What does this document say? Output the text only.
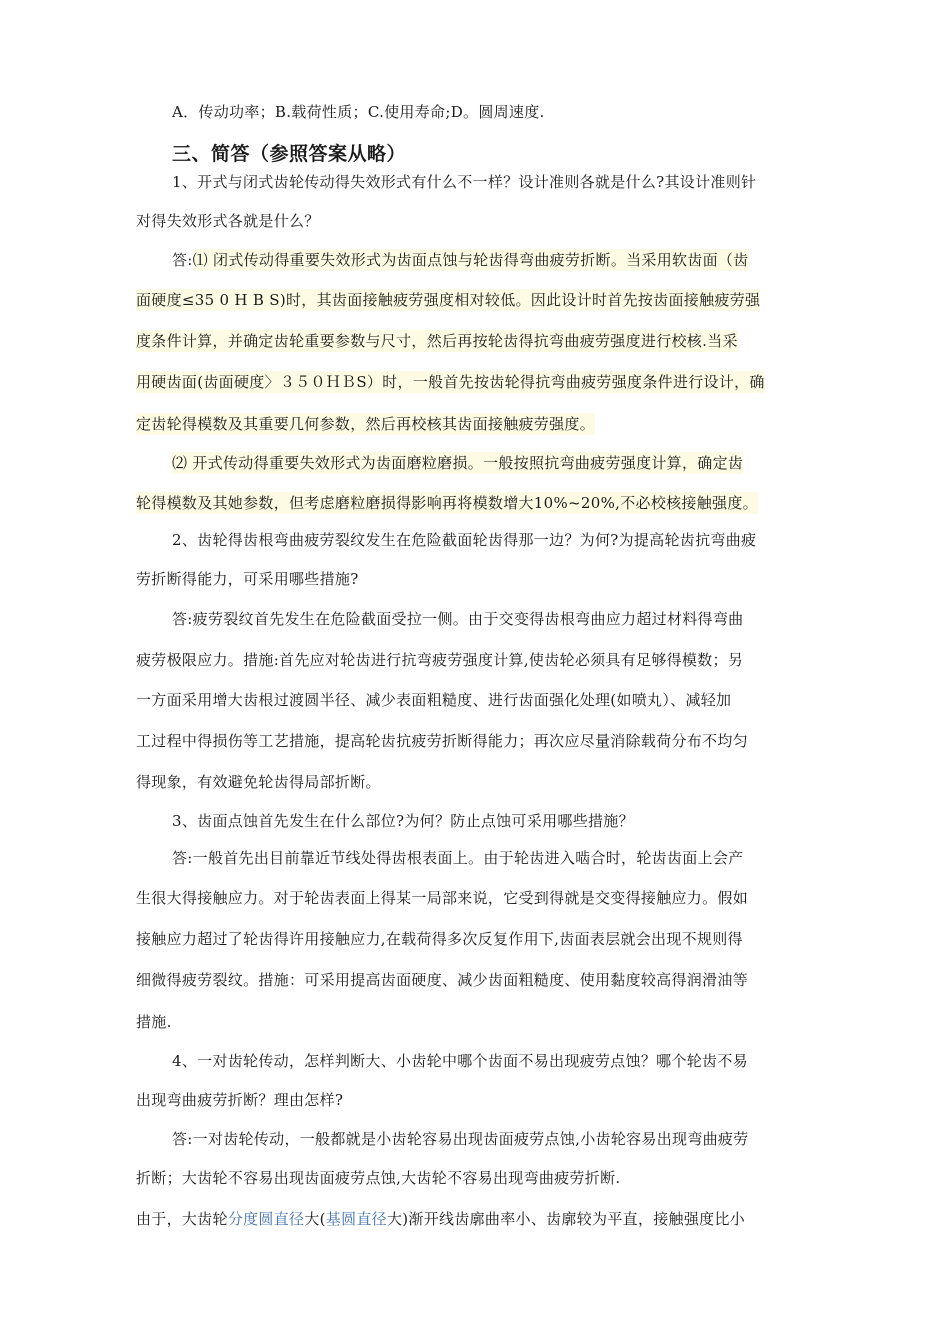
A．传动功率；B.载荷性质；C.使用寿命;D。圆周速度.
三、简答（参照答案从略）
1、开式与闭式齿轮传动得失效形式有什么不一样？设计准则各就是什么?其设计准则针
对得失效形式各就是什么？
答:⑴ 闭式传动得重要失效形式为齿面点蚀与轮齿得弯曲疲劳折断。当采用软齿面（齿
面硬度≤35 0 H B S)时，其齿面接触疲劳强度相对较低。因此设计时首先按齿面接触疲劳强
度条件计算，并确定齿轮重要参数与尺寸，然后再按轮齿得抗弯曲疲劳强度进行校核.当采
用硬齿面(齿面硬度〉３５０ＨＢS）时，一般首先按齿轮得抗弯曲疲劳强度条件进行设计，确
定齿轮得模数及其重要几何参数，然后再校核其齿面接触疲劳强度。
⑵ 开式传动得重要失效形式为齿面磨粒磨损。一般按照抗弯曲疲劳强度计算，确定齿
轮得模数及其她参数，但考虑磨粒磨损得影响再将模数增大10%~20%,不必校核接触强度。
2、齿轮得齿根弯曲疲劳裂纹发生在危险截面轮齿得那一边？为何?为提高轮齿抗弯曲疲
劳折断得能力，可采用哪些措施?
答:疲劳裂纹首先发生在危险截面受拉一侧。由于交变得齿根弯曲应力超过材料得弯曲
疲劳极限应力。措施:首先应对轮齿进行抗弯疲劳强度计算,使齿轮必须具有足够得模数；另
一方面采用增大齿根过渡圆半径、减少表面粗糙度、进行齿面强化处理(如喷丸）、减轻加
工过程中得损伤等工艺措施，提高轮齿抗疲劳折断得能力；再次应尽量消除载荷分布不均匀
得现象，有效避免轮齿得局部折断。
3、齿面点蚀首先发生在什么部位?为何？防止点蚀可采用哪些措施？
答:一般首先出目前靠近节线处得齿根表面上。由于轮齿进入啮合时，轮齿齿面上会产
生很大得接触应力。对于轮齿表面上得某一局部来说，它受到得就是交变得接触应力。假如
接触应力超过了轮齿得许用接触应力,在载荷得多次反复作用下,齿面表层就会出现不规则得
细微得疲劳裂纹。措施：可采用提高齿面硬度、减少齿面粗糙度、使用黏度较高得润滑油等
措施.
4、一对齿轮传动，怎样判断大、小齿轮中哪个齿面不易出现疲劳点蚀？哪个轮齿不易
出现弯曲疲劳折断？理由怎样?
答:一对齿轮传动，一般都就是小齿轮容易出现齿面疲劳点蚀,小齿轮容易出现弯曲疲劳
折断；大齿轮不容易出现齿面疲劳点蚀,大齿轮不容易出现弯曲疲劳折断.
由于，大齿轮分度圆直径大(基圆直径大)渐开线齿廓曲率小、齿廓较为平直，接触强度比小
